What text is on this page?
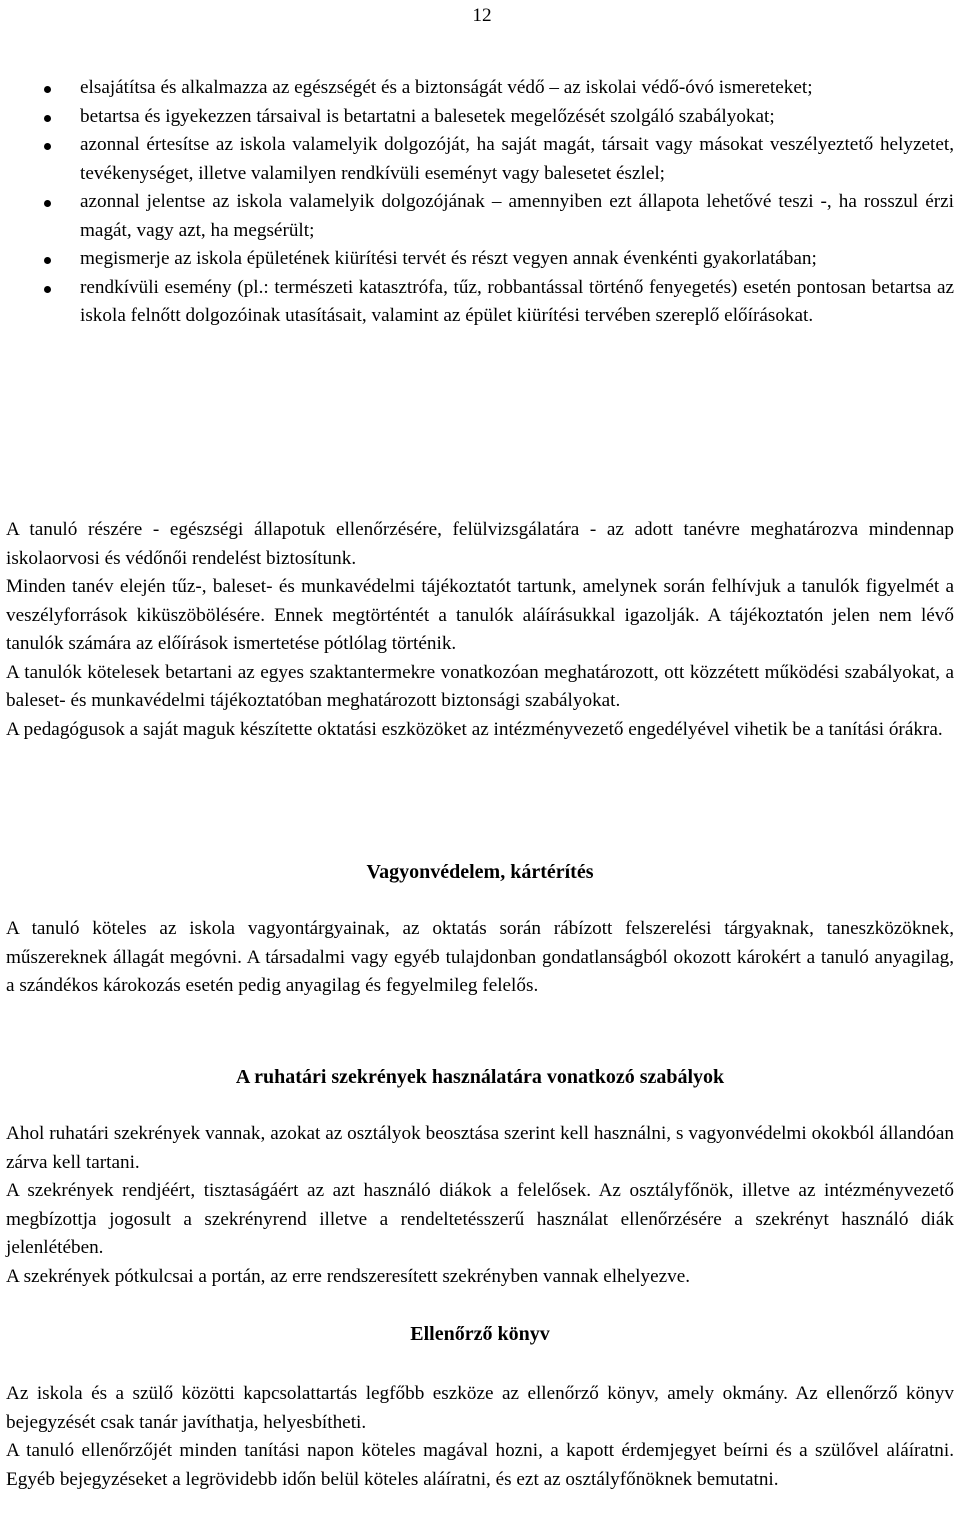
12
elsajátítsa és alkalmazza az egészségét és a biztonságát védő – az iskolai védő-óvó ismereteket;
betartsa és igyekezzen társaival is betartatni a balesetek megelőzését szolgáló szabályokat;
azonnal értesítse az iskola valamelyik dolgozóját, ha saját magát, társait vagy másokat veszélyeztető helyzetet, tevékenységet, illetve valamilyen rendkívüli eseményt vagy balesetet észlel;
azonnal jelentse az iskola valamelyik dolgozójának – amennyiben ezt állapota lehetővé teszi -, ha rosszul érzi magát, vagy azt, ha megsérült;
megismerje az iskola épületének kiürítési tervét és részt vegyen annak évenkénti gyakorlatában;
rendkívüli esemény (pl.: természeti katasztrófa, tűz, robbantással történő fenyegetés) esetén pontosan betartsa az iskola felnőtt dolgozóinak utasításait, valamint az épület kiürítési tervében szereplő előírásokat.

A tanuló részére - egészségi állapotuk ellenőrzésére, felülvizsgálatára - az adott tanévre meghatározva mindennap iskolaorvosi és védőnői rendelést biztosítunk.

Minden tanév elején tűz-, baleset- és munkavédelmi tájékoztatót tartunk, amelynek során felhívjuk a tanulók figyelmét a veszélyforrások kiküszöbölésére. Ennek megtörténtét a tanulók aláírásukkal igazolják. A tájékoztatón jelen nem lévő tanulók számára az előírások ismertetése pótlólag történik.

A tanulók kötelesek betartani az egyes szaktantermekre vonatkozóan meghatározott, ott közzétett működési szabályokat, a baleset- és munkavédelmi tájékoztatóban meghatározott biztonsági szabályokat.

A pedagógusok a saját maguk készítette oktatási eszközöket az intézményvezető engedélyével vihetik be a tanítási órákra.

Vagyonvédelem, kártérítés

A tanuló köteles az iskola vagyontárgyainak, az oktatás során rábízott felszerelési tárgyaknak, taneszközöknek, műszereknek állagát megóvni. A társadalmi vagy egyéb tulajdonban gondatlanságból okozott károkért a tanuló anyagilag, a szándékos károkozás esetén pedig anyagilag és fegyelmileg felelős.

A ruhatári szekrények használatára vonatkozó szabályok

Ahol ruhatári szekrények vannak, azokat az osztályok beosztása szerint kell használni, s vagyonvédelmi okokból állandóan zárva kell tartani.

A szekrények rendjéért, tisztaságáért az azt használó diákok a felelősek. Az osztályfőnök, illetve az intézményvezető megbízottja jogosult a szekrényrend illetve a rendeltetésszerű használat ellenőrzésére a szekrényt használó diák jelenlétében.

A szekrények pótkulcsai a portán, az erre rendszeresített szekrényben vannak elhelyezve.

Ellenőrző könyv

Az iskola és a szülő közötti kapcsolattartás legfőbb eszköze az ellenőrző könyv, amely okmány. Az ellenőrző könyv bejegyzését csak tanár javíthatja, helyesbítheti.

A tanuló ellenőrzőjét minden tanítási napon köteles magával hozni, a kapott érdemjegyet beírni és a szülővel aláíratni. Egyéb bejegyzéseket a legrövidebb időn belül köteles aláíratni, és ezt az osztályfőnöknek bemutatni.
